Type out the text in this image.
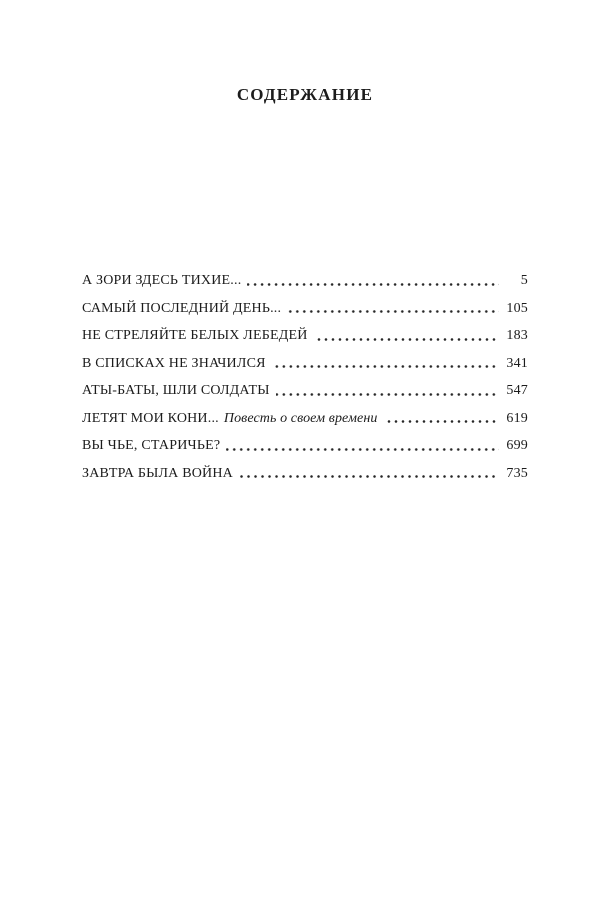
СОДЕРЖАНИЕ
А ЗОРИ ЗДЕСЬ ТИХИЕ...	5
САМЫЙ ПОСЛЕДНИЙ ДЕНЬ...	105
НЕ СТРЕЛЯЙТЕ БЕЛЫХ ЛЕБЕДЕЙ	183
В СПИСКАХ НЕ ЗНАЧИЛСЯ	341
АТЫ-БАТЫ, ШЛИ СОЛДАТЫ	547
ЛЕТЯТ МОИ КОНИ... Повесть о своем времени	619
ВЫ ЧЬЕ, СТАРИЧЬЕ?	699
ЗАВТРА БЫЛА ВОЙНА	735
